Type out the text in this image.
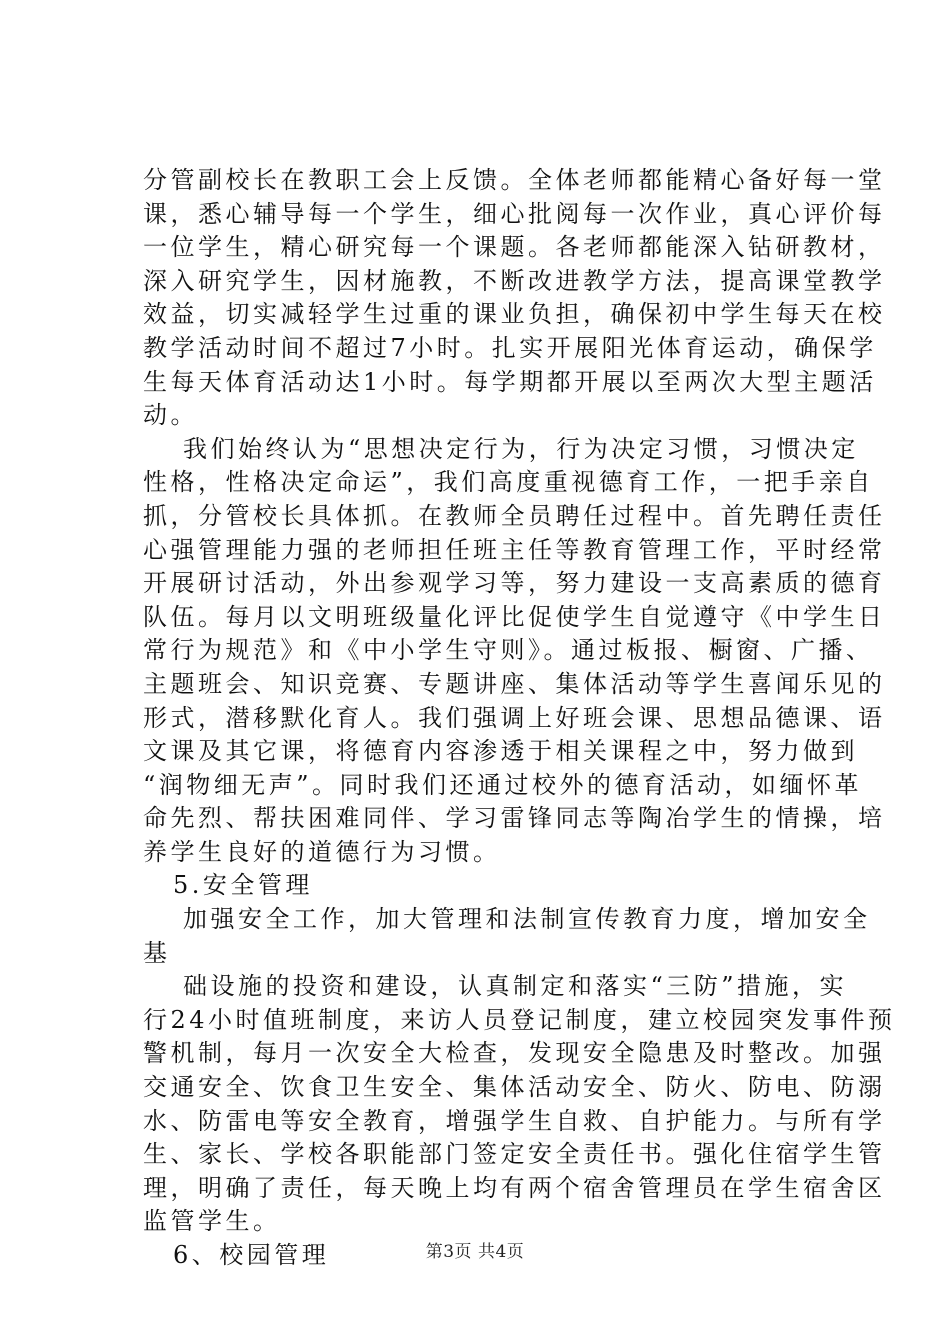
分管副校长在教职工会上反馈。全体老师都能精心备好每一堂
课，悉心辅导每一个学生，细心批阅每一次作业，真心评价每
一位学生，精心研究每一个课题。各老师都能深入钻研教材，
深入研究学生，因材施教，不断改进教学方法，提高课堂教学
效益，切实减轻学生过重的课业负担，确保初中学生每天在校
教学活动时间不超过7小时。扎实开展阳光体育运动，确保学
生每天体育活动达1小时。每学期都开展以至两次大型主题活
动。
我们始终认为“思想决定行为，行为决定习惯，习惯决定
性格，性格决定命运”，我们高度重视德育工作，一把手亲自
抓，分管校长具体抓。在教师全员聘任过程中。首先聘任责任
心强管理能力强的老师担任班主任等教育管理工作，平时经常
开展研讨活动，外出参观学习等，努力建设一支高素质的德育
队伍。每月以文明班级量化评比促使学生自觉遵守《中学生日
常行为规范》和《中小学生守则》。通过板报、橱窗、广播、
主题班会、知识竞赛、专题讲座、集体活动等学生喜闻乐见的
形式，潜移默化育人。我们强调上好班会课、思想品德课、语
文课及其它课，将德育内容渗透于相关课程之中，努力做到
“润物细无声”。同时我们还通过校外的德育活动，如缅怀革
命先烈、帮扶困难同伴、学习雷锋同志等陶冶学生的情操，培
养学生良好的道德行为习惯。
5.安全管理
加强安全工作，加大管理和法制宣传教育力度，增加安全
基
础设施的投资和建设，认真制定和落实“三防”措施，实
行24小时值班制度，来访人员登记制度，建立校园突发事件预
警机制，每月一次安全大检查，发现安全隐患及时整改。加强
交通安全、饮食卫生安全、集体活动安全、防火、防电、防溺
水、防雷电等安全教育，增强学生自救、自护能力。与所有学
生、家长、学校各职能部门签定安全责任书。强化住宿学生管
理，明确了责任，每天晚上均有两个宿舍管理员在学生宿舍区
监管学生。
6、校园管理	第3页 共4页
